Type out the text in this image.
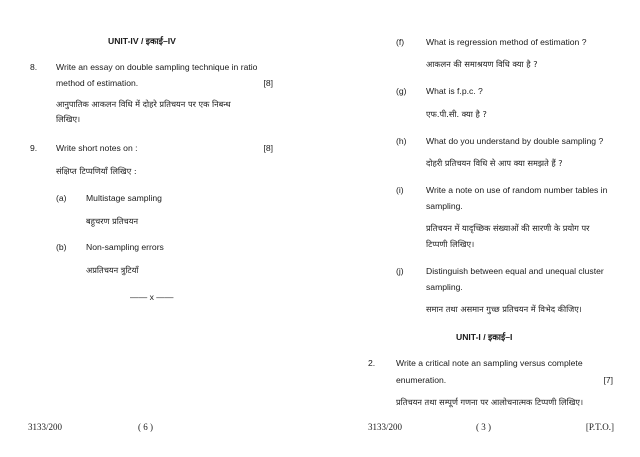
UNIT-IV / इकाई–IV
8. Write an essay on double sampling technique in ratio
method of estimation.	[8]
आनुपातिक आकलन विधि में दोहरे प्रतिचयन पर एक निबन्ध
लिखिए।
9. Write short notes on :	[8]
संक्षिप्त टिप्पणियाँ लिखिए :
(a) Multistage sampling
बहुचरण प्रतिचयन
(b) Non-sampling errors
अप्रतिचयन त्रुटियाँ
—— x ——
3133/200	( 6 )
(f)	What is regression method of estimation ?
आकलन की समाश्रयण विधि क्या है ?
(g) What is f.p.c. ?
एफ.पी.सी. क्या है ?
(h) What do you understand by double sampling ?
दोहरी प्रतिचयन विधि से आप क्या समझते हैं ?
(i)	Write a note on use of random number tables in
sampling.
प्रतिचयन में यादृच्छिक संख्याओं की सारणी के प्रयोग पर
टिप्पणी लिखिए।
(j)	Distinguish between equal and unequal cluster
sampling.
समान तथा असमान गुच्छ प्रतिचयन में विभेद कीजिए।
UNIT-I / इकाई–I
2. Write a critical note an sampling versus complete
enumeration.	[7]
प्रतिचयन तथा सम्पूर्ण गणना पर आलोचनात्मक टिप्पणी लिखिए।
3133/200	( 3 )	[P.T.O.]
